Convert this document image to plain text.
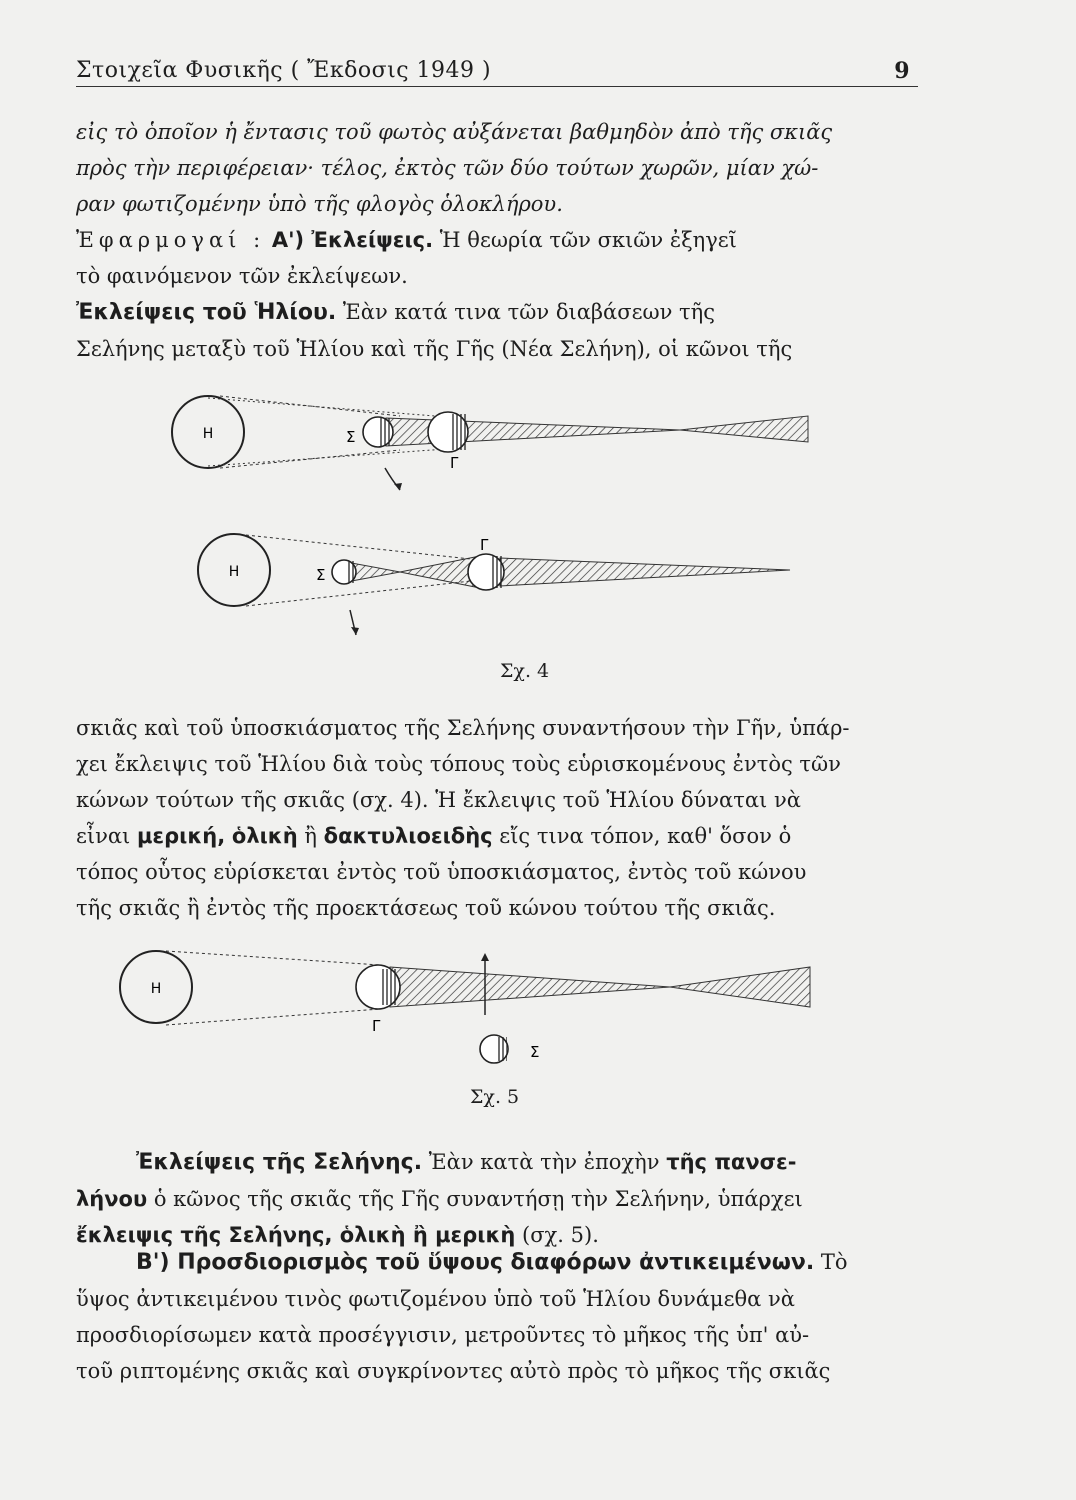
Στοιχεῖα Φυσικῆς ( Ἔκδοσις 1949 )	9
εἰς τὸ ὁποῖον ἡ ἔντασις τοῦ φωτὸς αὐξάνεται βαθμηδὸν ἀπὸ τῆς σκιᾶς
πρὸς τὴν περιφέρειαν· τέλος, ἐκτὸς τῶν δύο τούτων χωρῶν, μίαν χώ-
ραν φωτιζομένην ὑπὸ τῆς φλογὸς ὁλοκλήρου.
Ἐφαρμογαί : Α') Ἐκλείψεις. Ἡ θεωρία τῶν σκιῶν ἐξηγεῖ
τὸ φαινόμενον τῶν ἐκλείψεων.
Ἐκλείψεις τοῦ Ἡλίου. Ἐὰν κατά τινα τῶν διαβάσεων τῆς
Σελήνης μεταξὺ τοῦ Ἡλίου καὶ τῆς Γῆς (Νέα Σελήνη), οἱ κῶνοι τῆς
Η	Σ
Γ
Η	Σ
Γ
Σχ. 4
σκιᾶς καὶ τοῦ ὑποσκιάσματος τῆς Σελήνης συναντήσουν τὴν Γῆν, ὑπάρ-
χει ἔκλειψις τοῦ Ἡλίου διὰ τοὺς τόπους τοὺς εὑρισκομένους ἐντὸς τῶν
κώνων τούτων τῆς σκιᾶς (σχ. 4). Ἡ ἔκλειψις τοῦ Ἡλίου δύναται νὰ
εἶναι μερική, ὁλικὴ ἢ δακτυλιοειδὴς εἴς τινα τόπον, καθ' ὅσον ὁ
τόπος οὗτος εὑρίσκεται ἐντὸς τοῦ ὑποσκιάσματος, ἐντὸς τοῦ κώνου
τῆς σκιᾶς ἢ ἐντὸς τῆς προεκτάσεως τοῦ κώνου τούτου τῆς σκιᾶς.
Η
Γ
Σ
Σχ. 5
Ἐκλείψεις τῆς Σελήνης. Ἐὰν κατὰ τὴν ἐποχὴν τῆς πανσε-
λήνου ὁ κῶνος τῆς σκιᾶς τῆς Γῆς συναντήσῃ τὴν Σελήνην, ὑπάρχει
ἔκλειψις τῆς Σελήνης, ὁλικὴ ἢ μερικὴ (σχ. 5).
Β') Προσδιορισμὸς τοῦ ὕψους διαφόρων ἀντικειμένων. Τὸ
ὕψος ἀντικειμένου τινὸς φωτιζομένου ὑπὸ τοῦ Ἡλίου δυνάμεθα νὰ
προσδιορίσωμεν κατὰ προσέγγισιν, μετροῦντες τὸ μῆκος τῆς ὑπ' αὐ-
τοῦ ριπτομένης σκιᾶς καὶ συγκρίνοντες αὐτὸ πρὸς τὸ μῆκος τῆς σκιᾶς
